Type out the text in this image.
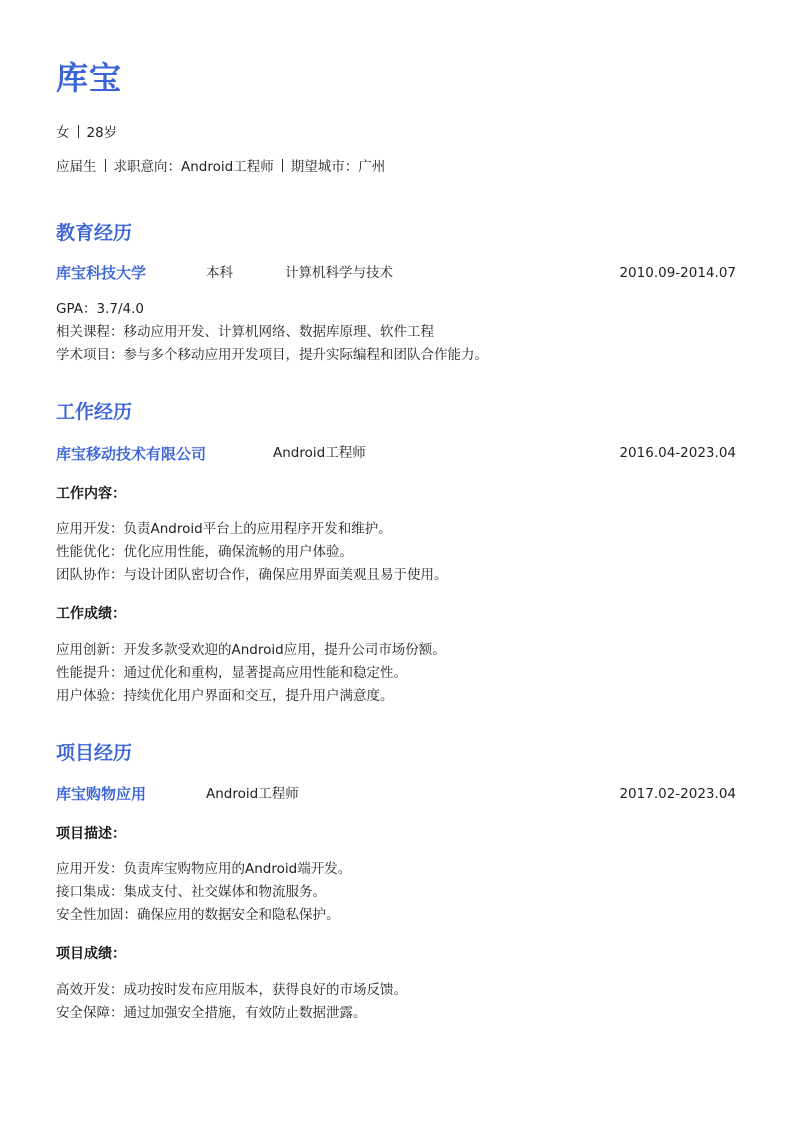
库宝
女 28岁
应届生 求职意向：Android工程师 期望城市：广州
教育经历
库宝科技大学	本科	计算机科学与技术	2010.09-2014.07
GPA：3.7/4.0
相关课程：移动应用开发、计算机网络、数据库原理、软件工程
学术项目：参与多个移动应用开发项目，提升实际编程和团队合作能力。
工作经历
库宝移动技术有限公司	Android工程师	2016.04-2023.04
工作内容：
应用开发：负责Android平台上的应用程序开发和维护。
性能优化：优化应用性能，确保流畅的用户体验。
团队协作：与设计团队密切合作，确保应用界面美观且易于使用。
工作成绩：
应用创新：开发多款受欢迎的Android应用，提升公司市场份额。
性能提升：通过优化和重构，显著提高应用性能和稳定性。
用户体验：持续优化用户界面和交互，提升用户满意度。
项目经历
库宝购物应用	Android工程师	2017.02-2023.04
项目描述：
应用开发：负责库宝购物应用的Android端开发。
接口集成：集成支付、社交媒体和物流服务。
安全性加固：确保应用的数据安全和隐私保护。
项目成绩：
高效开发：成功按时发布应用版本，获得良好的市场反馈。
安全保障：通过加强安全措施，有效防止数据泄露。
